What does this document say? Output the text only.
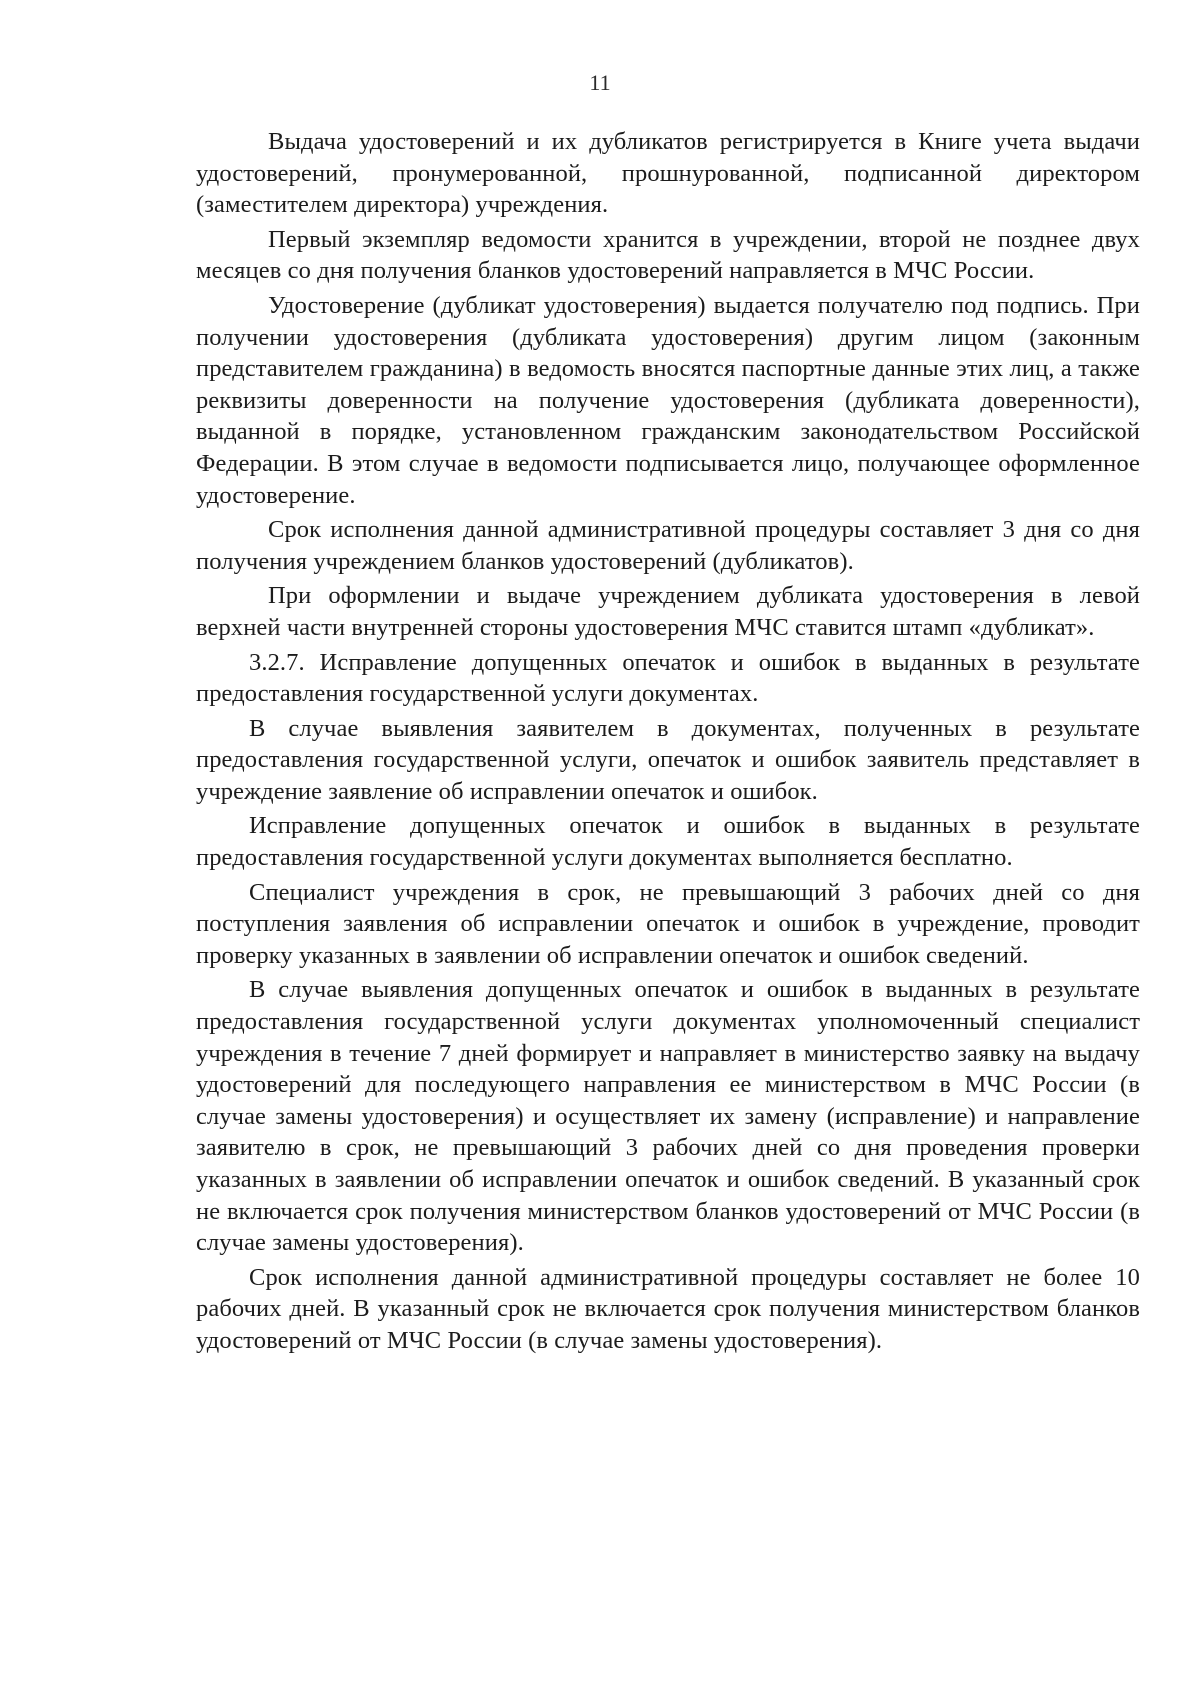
11

Выдача удостоверений и их дубликатов регистрируется в Книге учета выдачи удостоверений, пронумерованной, прошнурованной, подписанной директором (заместителем директора) учреждения.

Первый экземпляр ведомости хранится в учреждении, второй не позднее двух месяцев со дня получения бланков удостоверений направляется в МЧС России.

Удостоверение (дубликат удостоверения) выдается получателю под подпись. При получении удостоверения (дубликата удостоверения) другим лицом (законным представителем гражданина) в ведомость вносятся паспортные данные этих лиц, а также реквизиты доверенности на получение удостоверения (дубликата доверенности), выданной в порядке, установленном гражданским законодательством Российской Федерации. В этом случае в ведомости подписывается лицо, получающее оформленное удостоверение.

Срок исполнения данной административной процедуры составляет 3 дня со дня получения учреждением бланков удостоверений (дубликатов).

При оформлении и выдаче учреждением дубликата удостоверения в левой верхней части внутренней стороны удостоверения МЧС ставится штамп «дубликат».

3.2.7. Исправление допущенных опечаток и ошибок в выданных в результате предоставления государственной услуги документах.

В случае выявления заявителем в документах, полученных в результате предоставления государственной услуги, опечаток и ошибок заявитель представляет в учреждение заявление об исправлении опечаток и ошибок.

Исправление допущенных опечаток и ошибок в выданных в результате предоставления государственной услуги документах выполняется бесплатно.

Специалист учреждения в срок, не превышающий 3 рабочих дней со дня поступления заявления об исправлении опечаток и ошибок в учреждение, проводит проверку указанных в заявлении об исправлении опечаток и ошибок сведений.

В случае выявления допущенных опечаток и ошибок в выданных в результате предоставления государственной услуги документах уполномоченный специалист учреждения в течение 7 дней формирует и направляет в министерство заявку на выдачу удостоверений для последующего направления ее министерством в МЧС России (в случае замены удостоверения) и осуществляет их замену (исправление) и направление заявителю в срок, не превышающий 3 рабочих дней со дня проведения проверки указанных в заявлении об исправлении опечаток и ошибок сведений. В указанный срок не включается срок получения министерством бланков удостоверений от МЧС России (в случае замены удостоверения).

Срок исполнения данной административной процедуры составляет не более 10 рабочих дней. В указанный срок не включается срок получения министерством бланков удостоверений от МЧС России (в случае замены удостоверения).
